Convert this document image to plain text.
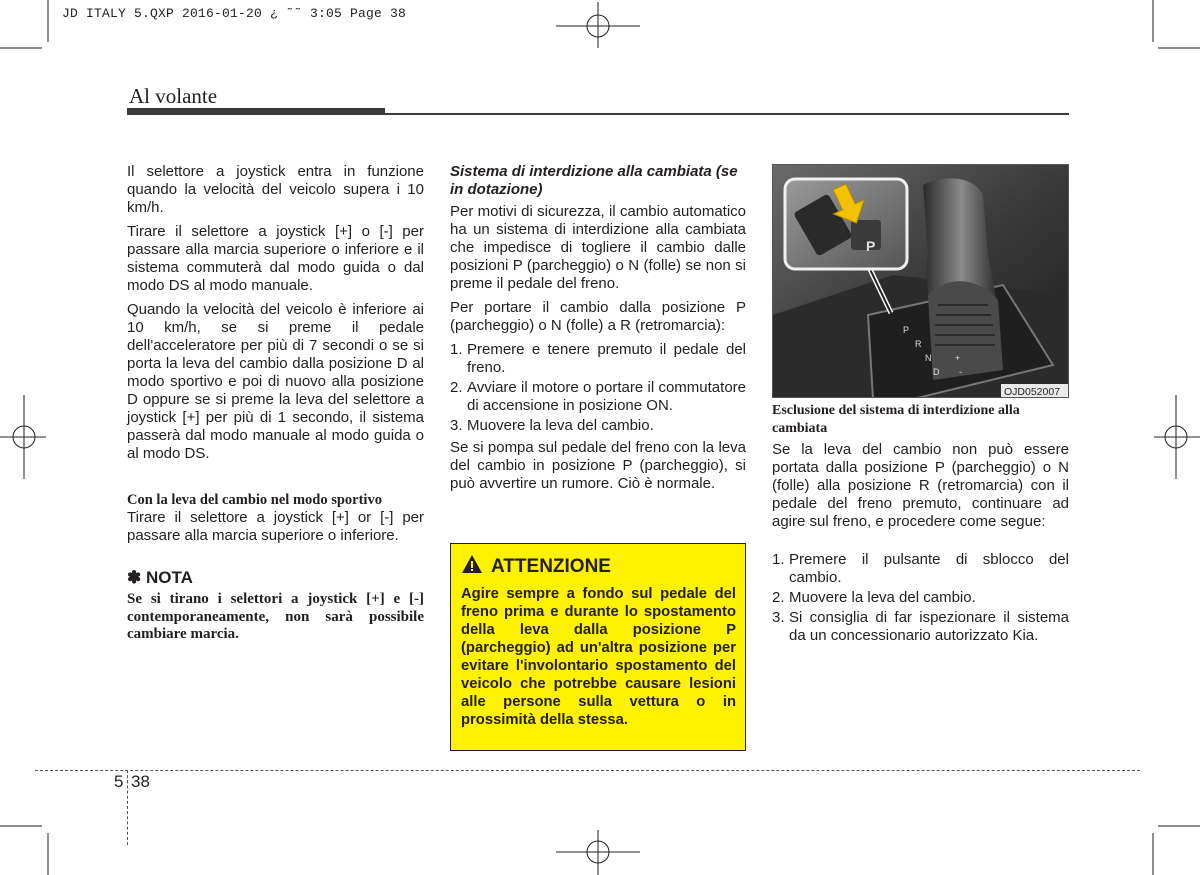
JD ITALY 5.QXP 2016-01-20 ¿ ˜˜ 3:05 Page 38
Al volante

Il selettore a joystick entra in funzione quando la velocità del veicolo supera i 10 km/h.

Tirare il selettore a joystick [+] o [-] per passare alla marcia superiore o inferiore e il sistema commuterà dal modo guida o dal modo DS al modo manuale.

Quando la velocità del veicolo è inferiore ai 10 km/h, se si preme il pedale dell'acceleratore per più di 7 secondi o se si porta la leva del cambio dalla posizione D al modo sportivo e poi di nuovo alla posizione D oppure se si preme la leva del selettore a joystick [+] per più di 1 secondo, il sistema passerà dal modo manuale al modo guida o al modo DS.

Con la leva del cambio nel modo sportivo

Tirare il selettore a joystick [+] or [-] per passare alla marcia superiore o inferiore.

✽ NOTA
Se si tirano i selettori a joystick [+] e [-] contemporaneamente, non sarà possibile cambiare marcia.
Sistema di interdizione alla cambiata (se in dotazione)

Per motivi di sicurezza, il cambio automatico ha un sistema di interdizione alla cambiata che impedisce di togliere il cambio dalle posizioni P (parcheggio) o N (folle) se non si preme il pedale del freno.

Per portare il cambio dalla posizione P (parcheggio) o N (folle) a R (retromarcia):

1. Premere e tenere premuto il pedale del freno.
2. Avviare il motore o portare il commutatore di accensione in posizione ON.
3. Muovere la leva del cambio.

Se si pompa sul pedale del freno con la leva del cambio in posizione P (parcheggio), si può avvertire un rumore. Ciò è normale.

ATTENZIONE
Agire sempre a fondo sul pedale del freno prima e durante lo spostamento della leva dalla posizione P (parcheggio) ad un'altra posizione per evitare l'involontario spostamento del veicolo che potrebbe causare lesioni alle persone sulla vettura o in prossimità della stessa.
P
P
R
N
D
+
-
OJD052007
Esclusione del sistema di interdizione alla cambiata

Se la leva del cambio non può essere portata dalla posizione P (parcheggio) o N (folle) alla posizione R (retromarcia) con il pedale del freno premuto, continuare ad agire sul freno, e procedere come segue:

1. Premere il pulsante di sblocco del cambio.
2. Muovere la leva del cambio.
3. Si consiglia di far ispezionare il sistema da un concessionario autorizzato Kia.
5 38
